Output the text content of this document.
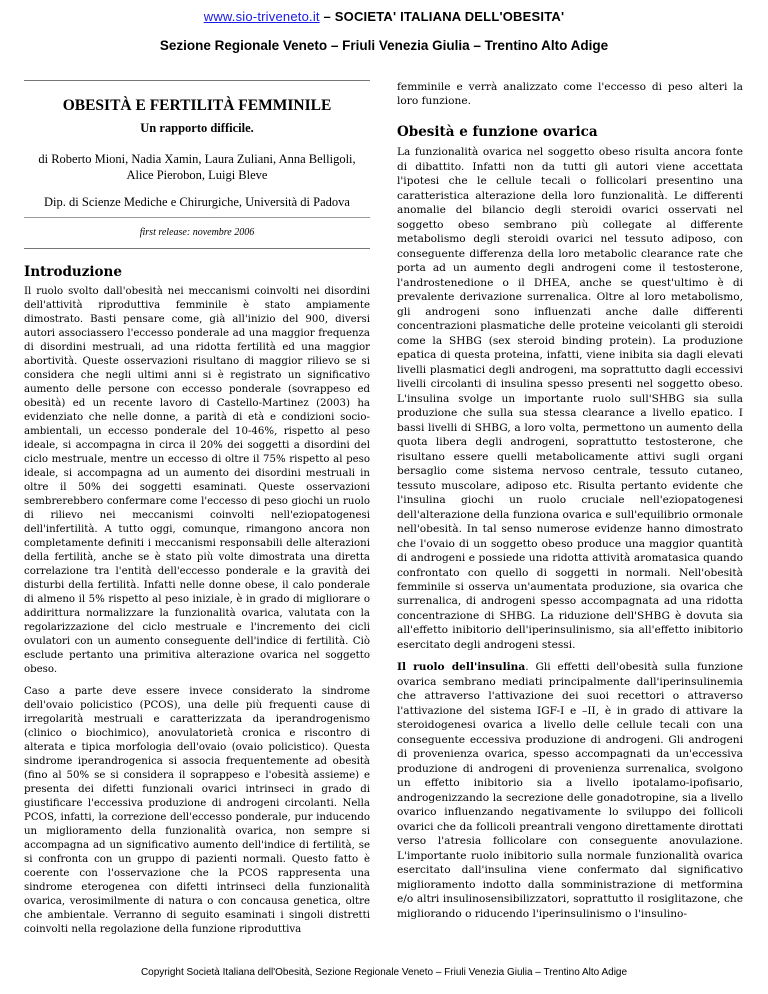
www.sio-triveneto.it – SOCIETA' ITALIANA DELL'OBESITA'
Sezione Regionale Veneto – Friuli Venezia Giulia – Trentino Alto Adige
OBESITÀ E FERTILITÀ FEMMINILE
Un rapporto difficile.
di Roberto Mioni, Nadia Xamin, Laura Zuliani, Anna Belligoli, Alice Pierobon, Luigi Bleve
Dip. di Scienze Mediche e Chirurgiche, Università di Padova
first release: novembre 2006
Introduzione

Il ruolo svolto dall'obesità nei meccanismi coinvolti nei disordini dell'attività riproduttiva femminile è stato ampiamente dimostrato. Basti pensare come, già all'inizio del 900, diversi autori associassero l'eccesso ponderale ad una maggior frequenza di disordini mestruali, ad una ridotta fertilità ed una maggior abortività. Queste osservazioni risultano di maggior rilievo se si considera che negli ultimi anni si è registrato un significativo aumento delle persone con eccesso ponderale (sovrappeso ed obesità) ed un recente lavoro di Castello-Martinez (2003) ha evidenziato che nelle donne, a parità di età e condizioni socio-ambientali, un eccesso ponderale del 10-46%, rispetto al peso ideale, si accompagna in circa il 20% dei soggetti a disordini del ciclo mestruale, mentre un eccesso di oltre il 75% rispetto al peso ideale, si accompagna ad un aumento dei disordini mestruali in oltre il 50% dei soggetti esaminati. Queste osservazioni sembrerebbero confermare come l'eccesso di peso giochi un ruolo di rilievo nei meccanismi coinvolti nell'eziopatogenesi dell'infertilità. A tutto oggi, comunque, rimangono ancora non completamente definiti i meccanismi responsabili delle alterazioni della fertilità, anche se è stato più volte dimostrata una diretta correlazione tra l'entità dell'eccesso ponderale e la gravità dei disturbi della fertilità. Infatti nelle donne obese, il calo ponderale di almeno il 5% rispetto al peso iniziale, è in grado di migliorare o addirittura normalizzare la funzionalità ovarica, valutata con la regolarizzazione del ciclo mestruale e l'incremento dei cicli ovulatori con un aumento conseguente dell'indice di fertilità. Ciò esclude pertanto una primitiva alterazione ovarica nel soggetto obeso.

Caso a parte deve essere invece considerato la sindrome dell'ovaio policistico (PCOS), una delle più frequenti cause di irregolarità mestruali e caratterizzata da iperandrogenismo (clinico o biochimico), anovulatorietà cronica e riscontro di alterata e tipica morfologia dell'ovaio (ovaio policistico). Questa sindrome iperandrogenica si associa frequentemente ad obesità (fino al 50% se si considera il soprappeso e l'obesità assieme) e presenta dei difetti funzionali ovarici intrinseci in grado di giustificare l'eccessiva produzione di androgeni circolanti. Nella PCOS, infatti, la correzione dell'eccesso ponderale, pur inducendo un miglioramento della funzionalità ovarica, non sempre si accompagna ad un significativo aumento dell'indice di fertilità, se si confronta con un gruppo di pazienti normali. Questo fatto è coerente con l'osservazione che la PCOS rappresenta una sindrome eterogenea con difetti intrinseci della funzionalità ovarica, verosimilmente di natura o con concausa genetica, oltre che ambientale. Verranno di seguito esaminati i singoli distretti coinvolti nella regolazione della funzione riproduttiva

femminile e verrà analizzato come l'eccesso di peso alteri la loro funzione.

Obesità e funzione ovarica

La funzionalità ovarica nel soggetto obeso risulta ancora fonte di dibattito. Infatti non da tutti gli autori viene accettata l'ipotesi che le cellule tecali o follicolari presentino una caratteristica alterazione della loro funzionalità. Le differenti anomalie del bilancio degli steroidi ovarici osservati nel soggetto obeso sembrano più collegate al differente metabolismo degli steroidi ovarici nel tessuto adiposo, con conseguente differenza della loro metabolic clearance rate che porta ad un aumento degli androgeni come il testosterone, l'androstenedione o il DHEA, anche se quest'ultimo è di prevalente derivazione surrenalica. Oltre al loro metabolismo, gli androgeni sono influenzati anche dalle differenti concentrazioni plasmatiche delle proteine veicolanti gli steroidi come la SHBG (sex steroid binding protein). La produzione epatica di questa proteina, infatti, viene inibita sia dagli elevati livelli plasmatici degli androgeni, ma soprattutto dagli eccessivi livelli circolanti di insulina spesso presenti nel soggetto obeso. L'insulina svolge un importante ruolo sull'SHBG sia sulla produzione che sulla sua stessa clearance a livello epatico. I bassi livelli di SHBG, a loro volta, permettono un aumento della quota libera degli androgeni, soprattutto testosterone, che risultano essere quelli metabolicamente attivi sugli organi bersaglio come sistema nervoso centrale, tessuto cutaneo, tessuto muscolare, adiposo etc. Risulta pertanto evidente che l'insulina giochi un ruolo cruciale nell'eziopatogenesi dell'alterazione della funziona ovarica e sull'equilibrio ormonale nell'obesità. In tal senso numerose evidenze hanno dimostrato che l'ovaio di un soggetto obeso produce una maggior quantità di androgeni e possiede una ridotta attività aromatasica quando confrontato con quello di soggetti in normali. Nell'obesità femminile si osserva un'aumentata produzione, sia ovarica che surrenalica, di androgeni spesso accompagnata ad una ridotta concentrazione di SHBG. La riduzione dell'SHBG è dovuta sia all'effetto inibitorio dell'iperinsulinismo, sia all'effetto inibitorio esercitato degli androgeni stessi.

Il ruolo dell'insulina. Gli effetti dell'obesità sulla funzione ovarica sembrano mediati principalmente dall'iperinsulinemia che attraverso l'attivazione dei suoi recettori o attraverso l'attivazione del sistema IGF-I e –II, è in grado di attivare la steroidogenesi ovarica a livello delle cellule tecali con una conseguente eccessiva produzione di androgeni. Gli androgeni di provenienza ovarica, spesso accompagnati da un'eccessiva produzione di androgeni di provenienza surrenalica, svolgono un effetto inibitorio sia a livello ipotalamo-ipofisario, androgenizzando la secrezione delle gonadotropine, sia a livello ovarico influenzando negativamente lo sviluppo dei follicoli ovarici che da follicoli preantrali vengono direttamente dirottati verso l'atresia follicolare con conseguente anovulazione. L'importante ruolo inibitorio sulla normale funzionalità ovarica esercitato dall'insulina viene confermato dal significativo miglioramento indotto dalla somministrazione di metformina e/o altri insulinosensibilizzatori, soprattutto il rosiglitazone, che migliorando o riducendo l'iperinsulinismo o l'insulino-

Copyright Società Italiana dell'Obesità, Sezione Regionale Veneto – Friuli Venezia Giulia – Trentino Alto Adige
